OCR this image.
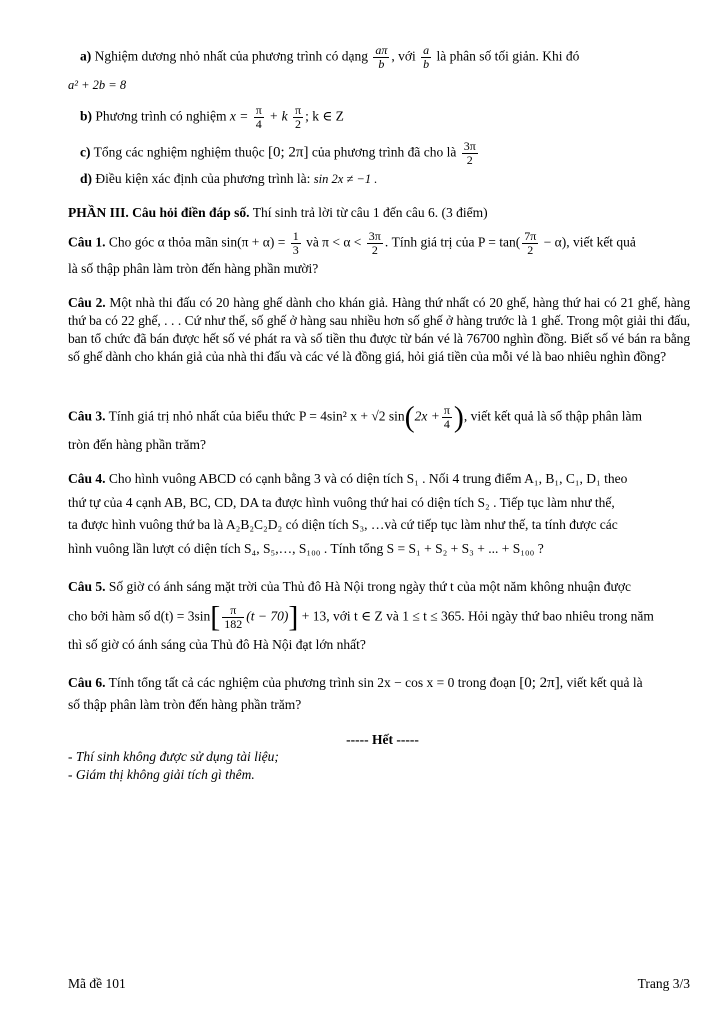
a) Nghiệm dương nhỏ nhất của phương trình có dạng $\frac{a\pi}{b}$ , với $\frac{a}{b}$ là phân số tối giản. Khi đó
a² + 2b = 8
b) Phương trình có nghiệm $x = \frac{\pi}{4} + k \frac{\pi}{2}$ ; k ∈ Z
c) Tổng các nghiệm nghiệm thuộc [0; 2π] của phương trình đã cho là $\frac{3\pi}{2}$
d) Điều kiện xác định của phương trình là: sin 2x ≠ −1 .
PHẦN III. Câu hỏi điền đáp số. Thí sinh trả lời từ câu 1 đến câu 6. (3 điểm)
Câu 1. Cho góc α thỏa mãn $\sin(\pi + \alpha) = \frac{1}{3}$ và $\pi < \alpha < \frac{3\pi}{2}$ . Tính giá trị của $P = \tan( \frac{7\pi}{2} - \alpha)$, viết kết quả
là số thập phân làm tròn đến hàng phần mười?
Câu 2. Một nhà thi đấu có 20 hàng ghế dành cho khán giả. Hàng thứ nhất có 20 ghế, hàng thứ hai có 21 ghế, hàng thứ ba có 22 ghế, . . . Cứ như thế, số ghế ở hàng sau nhiều hơn số ghế ở hàng trước là 1 ghế. Trong một giải thi đấu, ban tổ chức đã bán được hết số vé phát ra và số tiền thu được từ bán vé là 76700 nghìn đồng. Biết số vé bán ra bằng số ghế dành cho khán giả của nhà thi đấu và các vé là đồng giá, hỏi giá tiền của mỗi vé là bao nhiêu nghìn đồng?
Câu 3. Tính giá trị nhỏ nhất của biểu thức P = 4sin² x + √2 $\sin(2x + \frac{\pi}{4}$ ), viết kết quả là số thập phân làm
tròn đến hàng phần trăm?
Câu 4. Cho hình vuông ABCD có cạnh bằng 3 và có diện tích S₁ . Nối 4 trung điểm A₁, B₁, C₁, D₁ theo
thứ tự của 4 cạnh AB, BC, CD, DA ta được hình vuông thứ hai có diện tích S₂ . Tiếp tục làm như thế,
ta được hình vuông thứ ba là A₂B₂C₂D₂ có diện tích S₃, …và cứ tiếp tục làm như thế, ta tính được các
hình vuông lần lượt có diện tích S₄, S₅,…, S₁₀₀ . Tính tổng S = S₁ + S₂ + S₃ + ... + S₁₀₀ ?
Câu 5. Số giờ có ánh sáng mặt trời của Thủ đô Hà Nội trong ngày thứ t của một năm không nhuận được
cho bởi hàm số $d(t) = 3\sin[ \frac{\pi}{182} (t - 70)] + 13$, với t ∈ Z và 1 ≤ t ≤ 365. Hỏi ngày thứ bao nhiêu trong năm
thì số giờ có ánh sáng của Thủ đô Hà Nội đạt lớn nhất?
Câu 6. Tính tổng tất cả các nghiệm của phương trình sin 2x − cos x = 0 trong đoạn [0; 2π], viết kết quả là
số thập phân làm tròn đến hàng phần trăm?
----- Hết -----
- Thí sinh không được sử dụng tài liệu;
- Giám thị không giải tích gì thêm.
Mã đề 101	Trang 3/3
